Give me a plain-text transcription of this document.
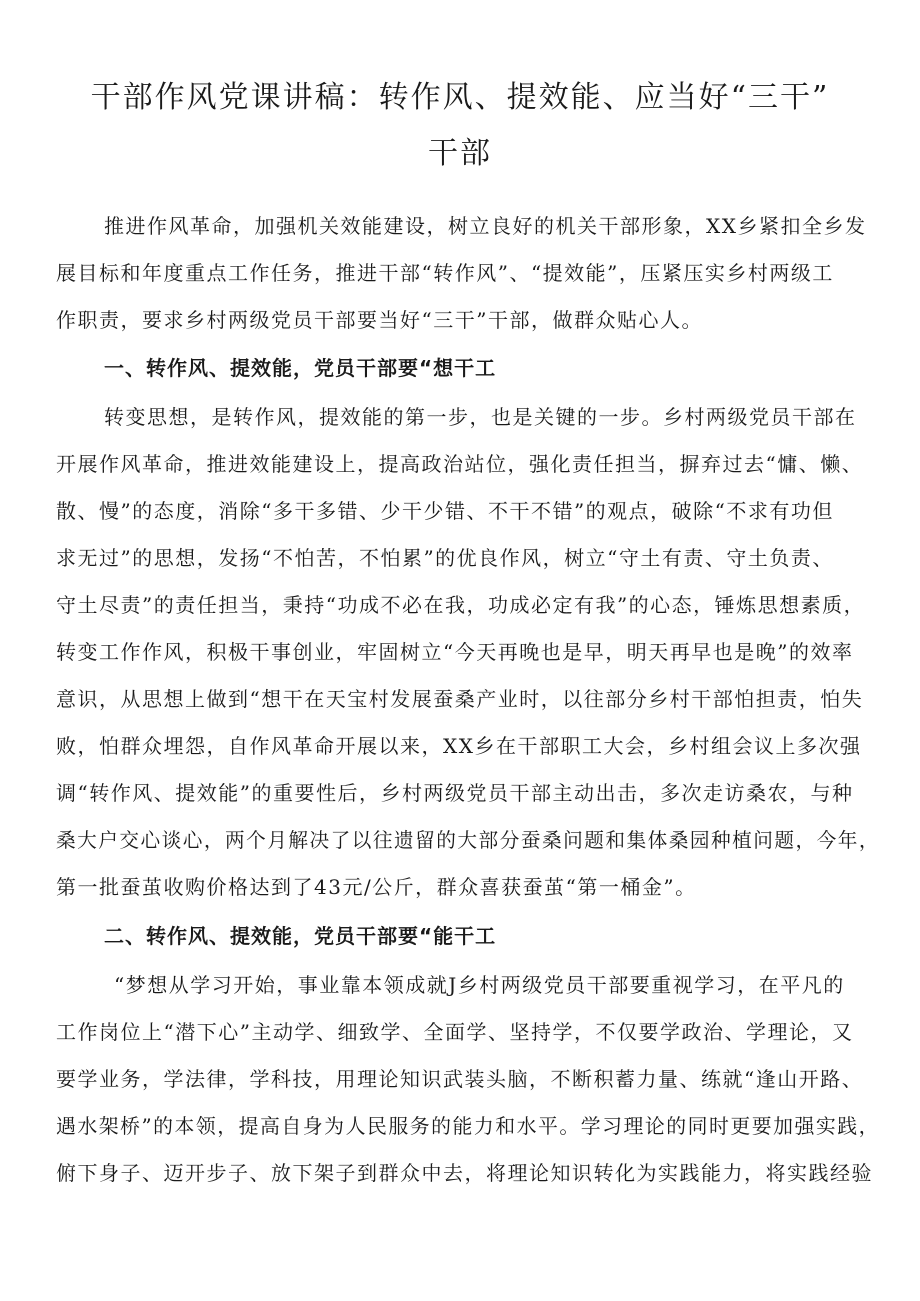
干部作风党课讲稿：转作风、提效能、应当好“三干”
干部

推进作风革命，加强机关效能建设，树立良好的机关干部形象，XX乡紧扣全乡发

展目标和年度重点工作任务，推进干部“转作风”、“提效能”，压紧压实乡村两级工

作职责，要求乡村两级党员干部要当好“三干”干部，做群众贴心人。

一、转作风、提效能，党员干部要“想干工

转变思想，是转作风，提效能的第一步，也是关键的一步。乡村两级党员干部在

开展作风革命，推进效能建设上，提高政治站位，强化责任担当，摒弃过去“慵、懒、

散、慢”的态度，消除“多干多错、少干少错、不干不错”的观点，破除“不求有功但

求无过”的思想，发扬“不怕苦，不怕累”的优良作风，树立“守土有责、守土负责、

守土尽责”的责任担当，秉持“功成不必在我，功成必定有我”的心态，锤炼思想素质，

转变工作作风，积极干事创业，牢固树立“今天再晚也是早，明天再早也是晚”的效率

意识，从思想上做到“想干在天宝村发展蚕桑产业时，以往部分乡村干部怕担责，怕失

败，怕群众埋怨，自作风革命开展以来，XX乡在干部职工大会，乡村组会议上多次强

调“转作风、提效能”的重要性后，乡村两级党员干部主动出击，多次走访桑农，与种

桑大户交心谈心，两个月解决了以往遗留的大部分蚕桑问题和集体桑园种植问题，今年，

第一批蚕茧收购价格达到了43元/公斤，群众喜获蚕茧“第一桶金”。

二、转作风、提效能，党员干部要“能干工

“梦想从学习开始，事业靠本领成就J乡村两级党员干部要重视学习，在平凡的

工作岗位上“潜下心”主动学、细致学、全面学、坚持学，不仅要学政治、学理论，又

要学业务，学法律，学科技，用理论知识武装头脑，不断积蓄力量、练就“逢山开路、

遇水架桥”的本领，提高自身为人民服务的能力和水平。学习理论的同时更要加强实践，

俯下身子、迈开步子、放下架子到群众中去，将理论知识转化为实践能力，将实践经验
